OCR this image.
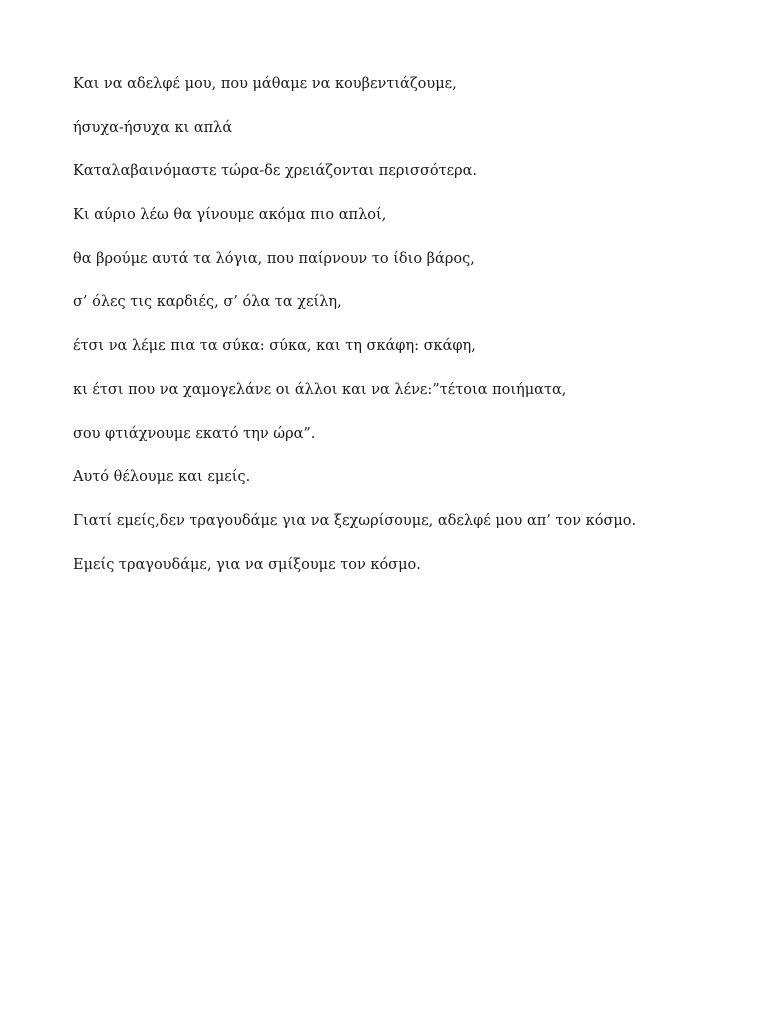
Και να αδελφέ μου, που μάθαμε να κουβεντιάζουμε,

ήσυχα-ήσυχα κι απλά

Καταλαβαινόμαστε τώρα-δε χρειάζονται περισσότερα.

Κι αύριο λέω θα γίνουμε ακόμα πιο απλοί,

θα βρούμε αυτά τα λόγια, που παίρνουν το ίδιο βάρος,

σ’ όλες τις καρδιές, σ’ όλα τα χείλη,

έτσι να λέμε πια τα σύκα: σύκα, και τη σκάφη: σκάφη,

κι έτσι που να χαμογελάνε οι άλλοι και να λένε:”τέτοια ποιήματα,

σου φτιάχνουμε εκατό την ώρα”.

Αυτό θέλουμε και εμείς.

Γιατί εμείς,δεν τραγουδάμε για να ξεχωρίσουμε, αδελφέ μου απ’ τον κόσμο.

Εμείς τραγουδάμε, για να σμίξουμε τον κόσμο.
